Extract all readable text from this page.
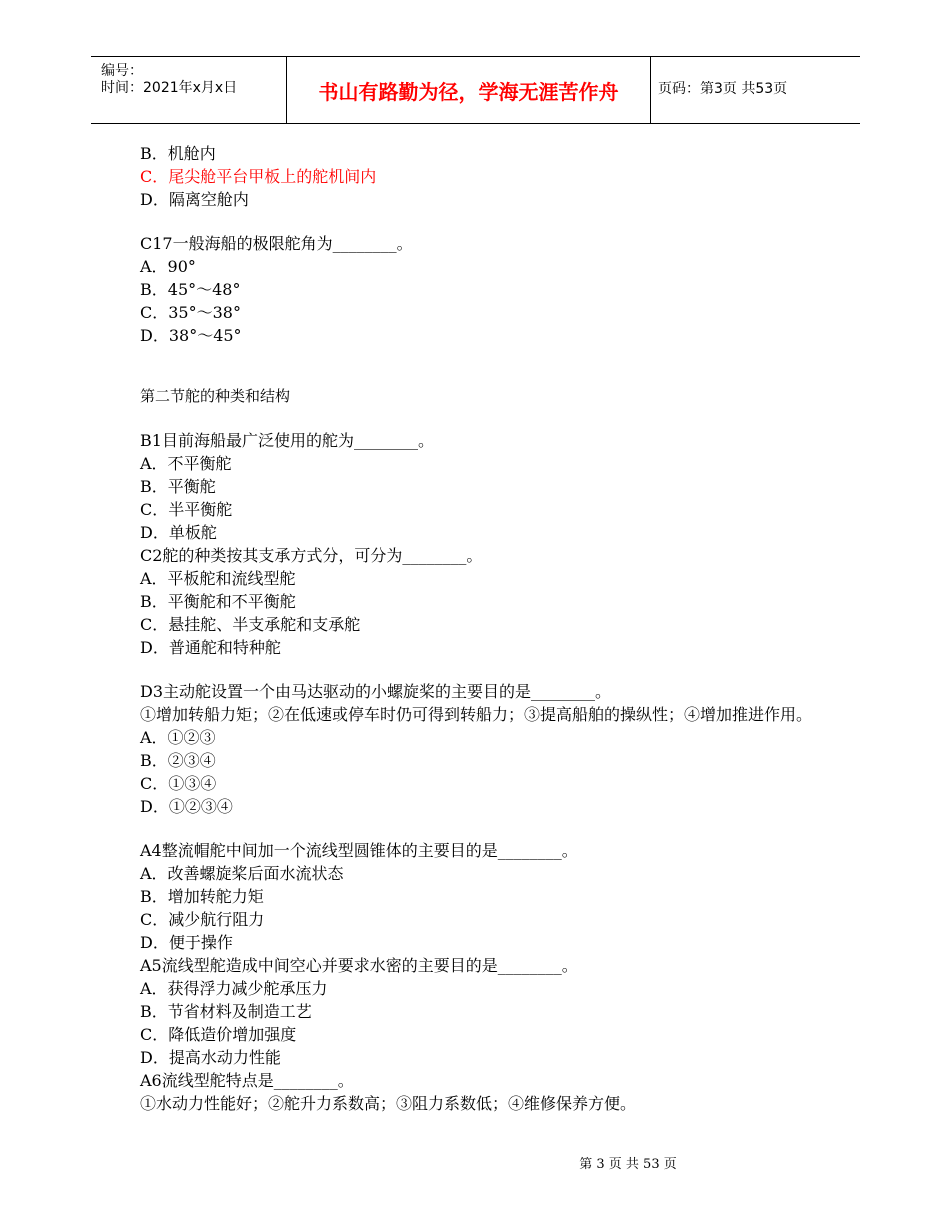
编号：
时间：2021年x月x日	书山有路勤为径，学海无涯苦作舟	页码：第3页 共53页

B．机舱内

C．尾尖舱平台甲板上的舵机间内

D．隔离空舱内

C17一般海船的极限舵角为________。

A．90°

B．45°～48°

C．35°～38°

D．38°～45°

第二节舵的种类和结构

B1目前海船最广泛使用的舵为________。

A．不平衡舵

B．平衡舵

C．半平衡舵

D．单板舵

C2舵的种类按其支承方式分，可分为________。

A．平板舵和流线型舵

B．平衡舵和不平衡舵

C．悬挂舵、半支承舵和支承舵

D．普通舵和特种舵

D3主动舵设置一个由马达驱动的小螺旋桨的主要目的是________。

①增加转船力矩；②在低速或停车时仍可得到转船力；③提高船舶的操纵性；④增加推进作用。

A．①②③

B．②③④

C．①③④

D．①②③④

A4整流帽舵中间加一个流线型圆锥体的主要目的是________。

A．改善螺旋桨后面水流状态

B．增加转舵力矩

C．减少航行阻力

D．便于操作

A5流线型舵造成中间空心并要求水密的主要目的是________。

A．获得浮力减少舵承压力

B．节省材料及制造工艺

C．降低造价增加强度

D．提高水动力性能

A6流线型舵特点是________。

①水动力性能好；②舵升力系数高；③阻力系数低；④维修保养方便。

第 3 页 共 53 页
